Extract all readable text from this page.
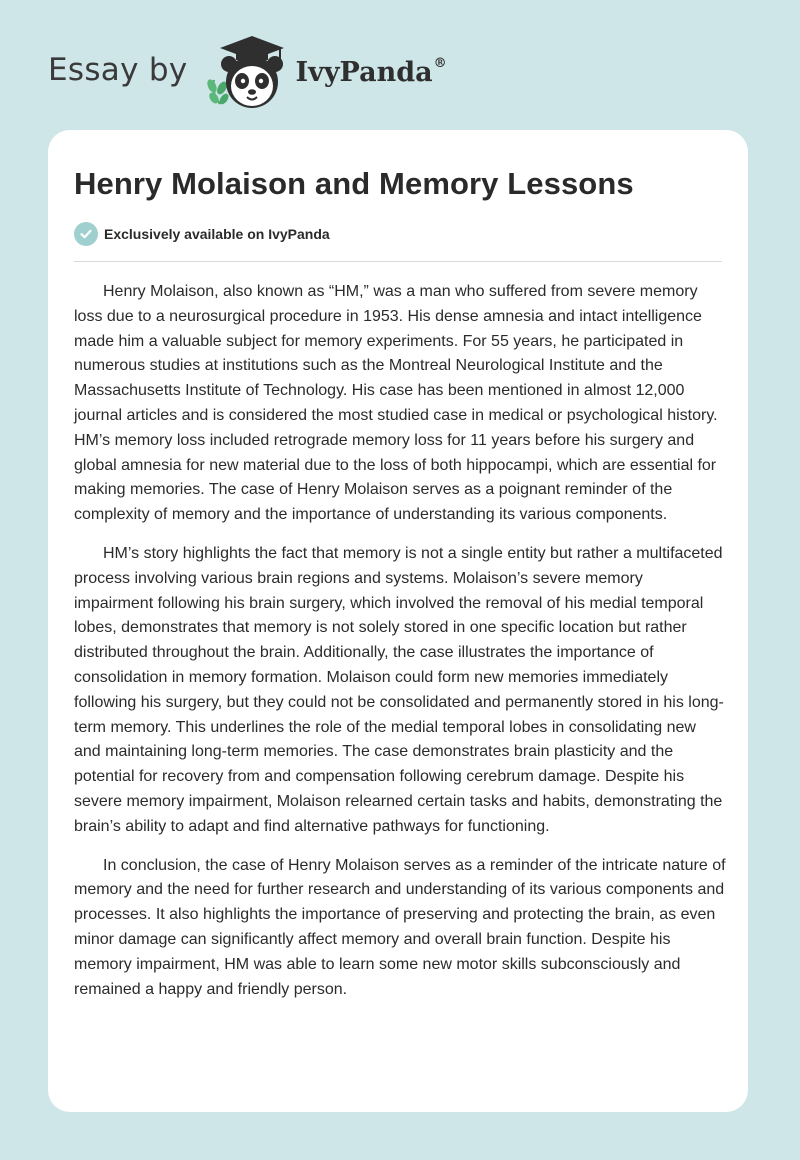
Essay by	IvyPanda®
Henry Molaison and Memory Lessons
Exclusively available on IvyPanda

Henry Molaison, also known as “HM,” was a man who suffered from severe memory loss due to a neurosurgical procedure in 1953. His dense amnesia and intact intelligence made him a valuable subject for memory experiments. For 55 years, he participated in numerous studies at institutions such as the Montreal Neurological Institute and the Massachusetts Institute of Technology. His case has been mentioned in almost 12,000 journal articles and is considered the most studied case in medical or psychological history. HM’s memory loss included retrograde memory loss for 11 years before his surgery and global amnesia for new material due to the loss of both hippocampi, which are essential for making memories. The case of Henry Molaison serves as a poignant reminder of the complexity of memory and the importance of understanding its various components.

HM’s story highlights the fact that memory is not a single entity but rather a multifaceted process involving various brain regions and systems. Molaison’s severe memory impairment following his brain surgery, which involved the removal of his medial temporal lobes, demonstrates that memory is not solely stored in one specific location but rather distributed throughout the brain. Additionally, the case illustrates the importance of consolidation in memory formation. Molaison could form new memories immediately following his surgery, but they could not be consolidated and permanently stored in his long-term memory. This underlines the role of the medial temporal lobes in consolidating new and maintaining long-term memories. The case demonstrates brain plasticity and the potential for recovery from and compensation following cerebrum damage. Despite his severe memory impairment, Molaison relearned certain tasks and habits, demonstrating the brain’s ability to adapt and find alternative pathways for functioning.

In conclusion, the case of Henry Molaison serves as a reminder of the intricate nature of memory and the need for further research and understanding of its various components and processes. It also highlights the importance of preserving and protecting the brain, as even minor damage can significantly affect memory and overall brain function. Despite his memory impairment, HM was able to learn some new motor skills subconsciously and remained a happy and friendly person.
